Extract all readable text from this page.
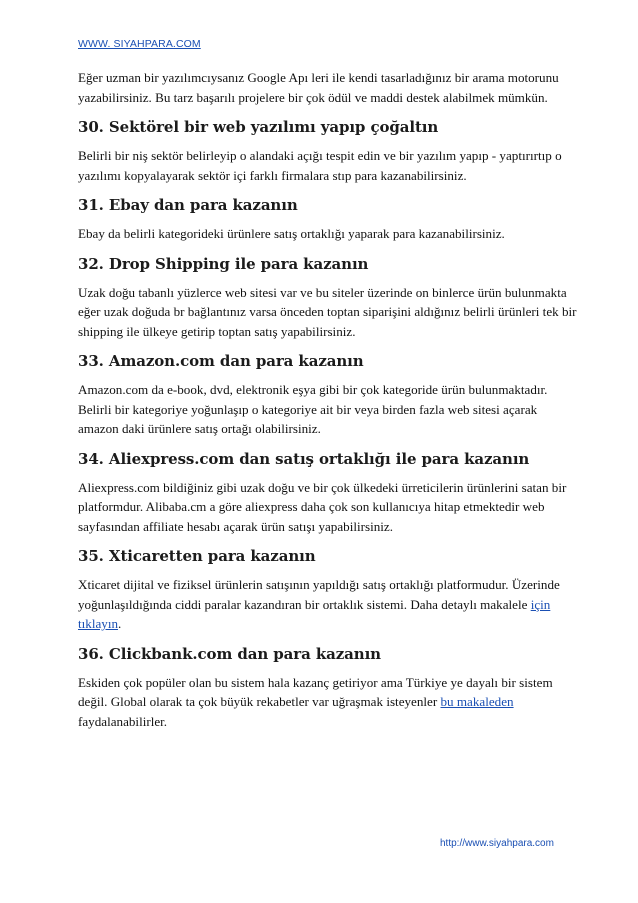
WWW. SIYAHPARA.COM

Eğer uzman bir yazılımcıysanız Google Apı leri ile kendi tasarladığınız bir arama motorunu yazabilirsiniz. Bu tarz başarılı projelere bir çok ödül ve maddi destek alabilmek mümkün.

30. Sektörel bir web yazılımı yapıp çoğaltın

Belirli bir niş sektör belirleyip o alandaki açığı tespit edin ve bir yazılım yapıp - yaptırırtıp o yazılımı kopyalayarak sektör içi farklı firmalara stıp para kazanabilirsiniz.

31. Ebay dan para kazanın

Ebay da belirli kategorideki ürünlere satış ortaklığı yaparak para kazanabilirsiniz.

32. Drop Shipping ile para kazanın

Uzak doğu tabanlı yüzlerce web sitesi var ve bu siteler üzerinde on binlerce ürün bulunmakta eğer uzak doğuda br bağlantınız varsa önceden toptan siparişini aldığınız belirli ürünleri tek bir shipping ile ülkeye getirip toptan satış yapabilirsiniz.

33. Amazon.com dan para kazanın

Amazon.com da e-book, dvd, elektronik eşya gibi bir çok kategoride ürün bulunmaktadır. Belirli bir kategoriye yoğunlaşıp o kategoriye ait bir veya birden fazla web sitesi açarak amazon daki ürünlere satış ortağı olabilirsiniz.

34. Aliexpress.com dan satış ortaklığı ile para kazanın

Aliexpress.com bildiğiniz gibi uzak doğu ve bir çok ülkedeki ürreticilerin ürünlerini satan bir platformdur. Alibaba.cm a göre aliexpress daha çok son kullanıcıya hitap etmektedir web sayfasından affiliate hesabı açarak ürün satışı yapabilirsiniz.

35. Xticaretten para kazanın

Xticaret dijital ve fiziksel ürünlerin satışının yapıldığı satış ortaklığı platformudur. Üzerinde yoğunlaşıldığında ciddi paralar kazandıran bir ortaklık sistemi. Daha detaylı makalele için tıklayın.

36. Clickbank.com dan para kazanın

Eskiden çok popüler olan bu sistem hala kazanç getiriyor ama Türkiye ye dayalı bir sistem değil. Global olarak ta çok büyük rekabetler var uğraşmak isteyenler bu makaleden faydalanabilirler.

http://www.siyahpara.com
